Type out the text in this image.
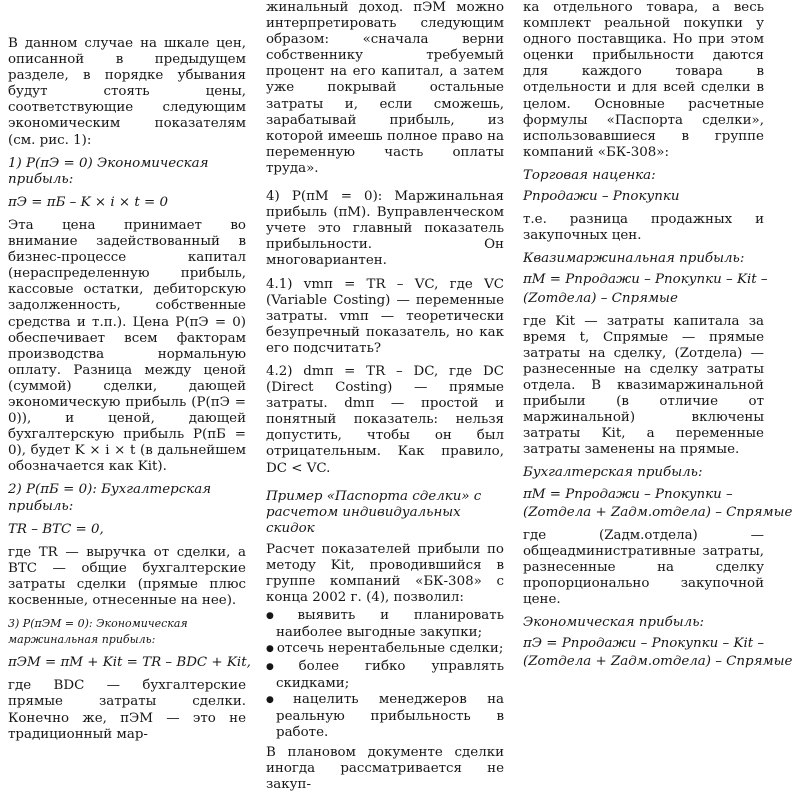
В данном случае на шкале цен, описанной в предыдущем разделе, в порядке убывания будут стоять цены, соответствующие следующим экономическим показателям (см. рис. 1):

1) P(πЭ = 0) Экономическая прибыль:

πЭ = πБ – K × i × t = 0

Эта цена принимает во внимание задействованный в бизнес-процессе капитал (нераспределенную прибыль, кассовые остатки, дебиторскую задолженность, собственные средства и т.п.). Цена P(πЭ = 0) обеспечивает всем факторам производства нормальную оплату. Разница между ценой (суммой) сделки, дающей экономическую прибыль (P(πЭ = 0)), и ценой, дающей бухгалтерскую прибыль P(πБ = 0), будет K × i × t (в дальнейшем обозначается как Kit).

2) P(πБ = 0): Бухгалтерская прибыль:

TR – BTC = 0,

где TR — выручка от сделки, а BTC — общие бухгалтерские затраты сделки (прямые плюс косвенные, отнесенные на нее).

3) P(πЭМ = 0): Экономическая маржинальная прибыль:

πЭМ = πМ + Kit = TR – BDC + Kit,

где BDC — бухгалтерские прямые затраты сделки. Конечно же, πЭМ — это не традиционный мар-

жинальный доход. πЭМ можно интерпретировать следующим образом: «сначала верни собственнику требуемый процент на его капитал, а затем уже покрывай остальные затраты и, если сможешь, зарабатывай прибыль, из которой имеешь полное право на переменную часть оплаты труда».

4) P(πМ = 0): Маржинальная прибыль (πМ). Вуправленческом учете это главный показатель прибыльности. Он многовариантен.

4.1) vmπ = TR – VC, где VC (Variable Costing) — переменные затраты. vmπ — теоретически безупречный показатель, но как его подсчитать?

4.2) dmπ = TR – DC, где DC (Direct Costing) — прямые затраты. dmπ — простой и понятный показатель: нельзя допустить, чтобы он был отрицательным. Как правило, DC < VC.

Пример «Паспорта сделки» с расчетом индивидуальных скидок

Расчет показателей прибыли по методу Kit, проводившийся в группе компаний «БК-308» с конца 2002 г. (4), позволил:

● выявить и планировать наиболее выгодные закупки;
● отсечь нерентабельные сделки;
● более гибко управлять скидками;
● нацелить менеджеров на реальную прибыльность в работе.

В плановом документе сделки иногда рассматривается не закуп-

ка отдельного товара, а весь комплект реальной покупки у одного поставщика. Но при этом оценки прибыльности даются для каждого товара в отдельности и для всей сделки в целом. Основные расчетные формулы «Паспорта сделки», использовавшиеся в группе компаний «БК-308»:

Торговая наценка:

Pпродажи – Pпокупки

т.е. разница продажных и закупочных цен.

Квазимаржинальная прибыль:

πМ = Pпродажи – Pпокупки – Kit –

(Zотдела) – Cпрямые

где Kit — затраты капитала за время t, Cпрямые — прямые затраты на сделку, (Zотдела) — разнесенные на сделку затраты отдела. В квазимаржинальной прибыли (в отличие от маржинальной) включены затраты Kit, а переменные затраты заменены на прямые.

Бухгалтерская прибыль:

πМ = Pпродажи – Pпокупки –

(Zотдела + Zадм.отдела) – Cпрямые

где (Zадм.отдела) — общеадминистративные затраты, разнесенные на сделку пропорционально закупочной цене.

Экономическая прибыль:

πЭ = Pпродажи – Pпокупки – Kit –

(Zотдела + Zадм.отдела) – Cпрямые
